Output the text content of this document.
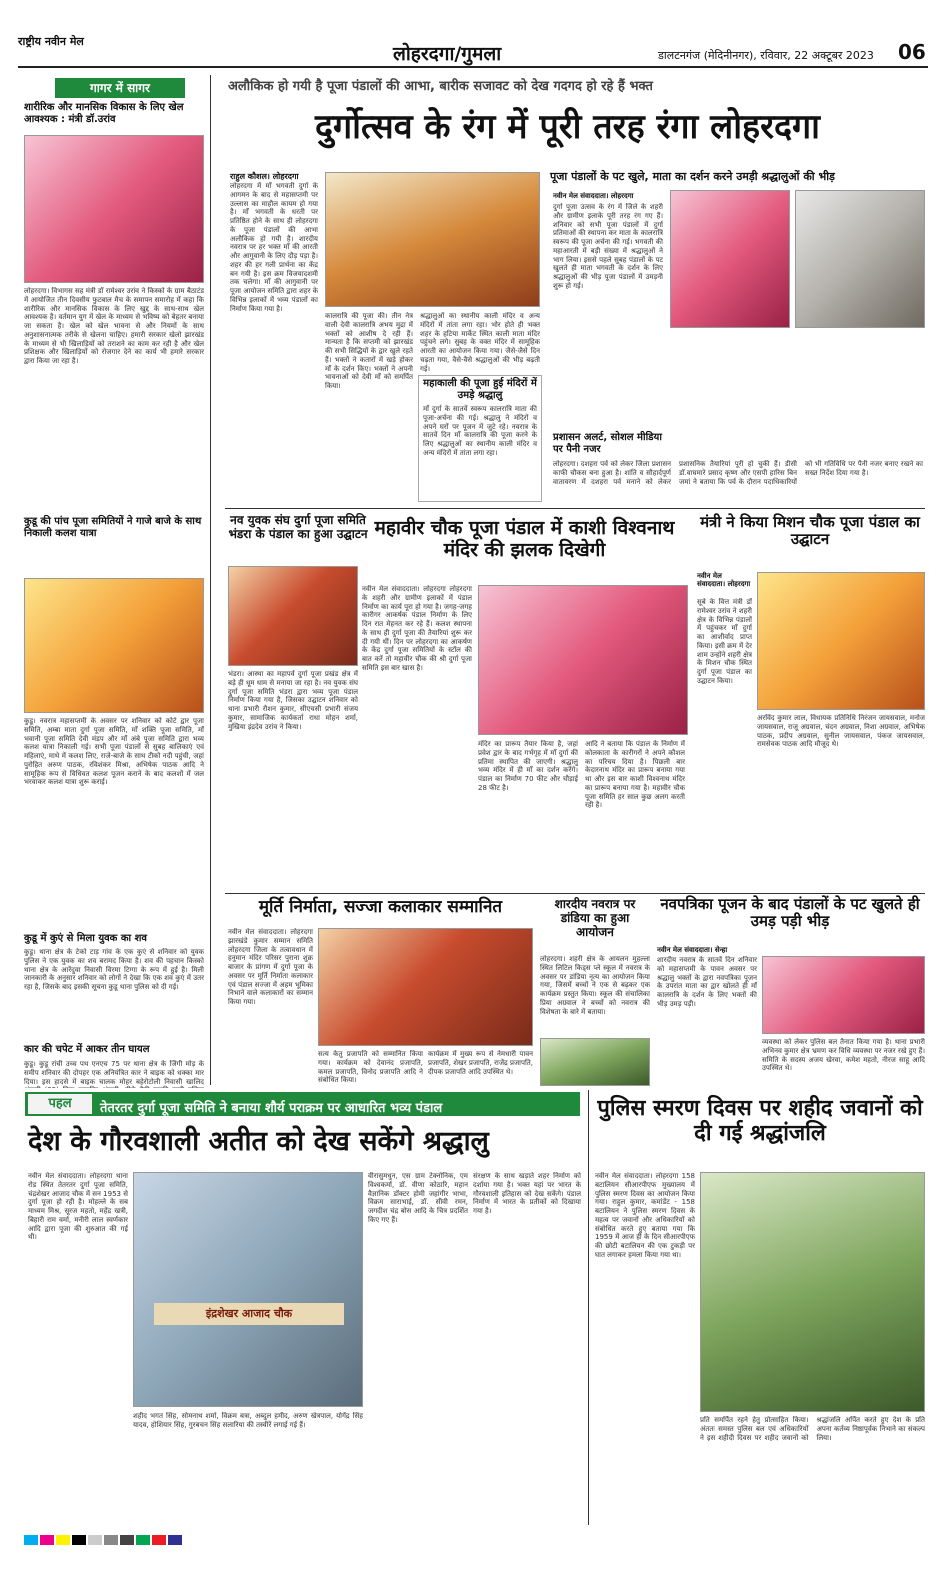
राष्ट्रीय नवीन मेल
लोहरदगा/गुमला	डालटनगंज (मेदिनीनगर), रविवार, 22 अक्टूबर 2023 06
गागर में सागर
शारीरिक और मानसिक विकास के लिए खेल आवश्यक : मंत्री डॉ.उरांव
लोहरदगा। विभागस सह मंत्री डॉ रामेश्वर उरांव ने किस्को के ग्राम बैठाटंड में आयोजित तीन दिवसीय फुटबाल मैच के समापन समारोह में कहा कि शारीरिक और मानसिक विकास के लिए खुद्द के साथ-साथ खेल आवश्यक है। वर्तमान युग में खेल के माध्यम से भविष्य को बेहतर बनाया जा सकता है। खेल को खेल भावना से और नियमों के साथ अनुशासनात्मक तरीके से खेलना चाहिए। हमारी सरकार खेलो झारखंड के माध्यम से भी खिलाड़ियों को तराशने का काम कर रही है और खेल प्रशिक्षक और खिलाड़ियों को रोजगार देने का कार्य भी हमारे सरकार द्वारा किया जा रहा है।
कुडू की पांच पूजा समितियों ने गाजे बाजे के साथ निकाली कलश यात्रा
कुडू। नवरात्र महासप्तमी के अवसर पर शनिवार को कोर्ट द्वार पूजा समिति, अम्बा माता दुर्गा पूजा समिति, माँ शक्ति पूजा समिति, माँ भवानी पूजा समिति देवी मंडप और माँ अंबे पूजा समिति द्वारा भव्य कलश यात्रा निकाली गई। सभी पूजा पंडालों से सुबह बालिकाएं एवं महिलाएं, माथे में कलश लिए, राजे-बाजे के साथ टीको नदी पहुंची, जहां पुरोहित अरुण पाठक, रविशंकर मिश्रा, अभिषेक पाठक आदि ने सामूहिक रूप से विधिवत कलश पूजन कराने के बाद कलशों में जल भरवाकर कलश यात्रा शुरू कराई।
कुडू में कुएं से मिला युवक का शव
कुडू। थाना क्षेत्र के टेको टाड़ गांव के एक कुएं से शनिवार को युवक पुलिस ने एक युवक का शव बरामद किया है। शव की पहचान किस्को थाना क्षेत्र के आरेंदुवा निवासी विरमा टिग्गा के रूप में हुई है। मिली जानकारी के अनुसार शनिवार को लोगों ने देखा कि एक शव कुएं में उतर रहा है, जिसके बाद इसकी सूचना कुडू थाना पुलिस को दी गई।
कार की चपेट में आकर तीन घायल
कुडू। कुडू रांची उच्च पथ एनएच 75 पर थाना क्षेत्र के जिंगी मोड़ के समीप शनिवार की दोपहर एक अनियंत्रित कार ने बाइक को धक्का मार दिया। इस हादसे में बाइक चालक मोहर बहेरोटोली निवासी खालिद
अलौकिक हो गयी है पूजा पंडालों की आभा, बारीक सजावट को देख गदगद हो रहे हैं भक्त
दुर्गोत्सव के रंग में पूरी तरह रंगा लोहरदगा
राहुल कौशल। लोहरदगा
लोहरदगा में माँ भगवती दुर्गा के आगमन के बाद से महासप्तमी पर उल्लास का माहौल कायम हो गया है। माँ भगवती के धरती पर प्रतिष्ठित होने के साथ ही लोहरदगा के पूजा पंडालों की आभा अलौकिक हो गयी है। शारदीय नवरात्र पर हर भक्त माँ की आरती और आगुवानी के लिए दौड़ पड़ा है। शहर की हर गली प्रार्थना का केंद्र बन गयी है। इस क्रम विजयादशमी तक चलेगा। माँ की आगुवानी पर पूजा आयोजन समिति द्वारा शहर के विभिन्न इलाकों में भव्य पंडालों का निर्माण किया गया है।
कालरात्रि की पूजा की। तीन नेत्र वाली देवी कालरात्रि अभय मुद्रा में भक्तों को आशीष दे रही हैं। मान्यता है कि सप्तमी को झारखंड की सभी सिद्धियों के द्वार खुले रहते हैं। भक्तों ने कतारों में खड़े होकर माँ के दर्शन किए। भक्तों ने अपनी भावनाओं को देवी माँ को समर्पित किया।	महाकाली की पूजा हुई मंदिरों में उमड़े श्रद्धालु
माँ दुर्गा के सातवें स्वरूप कालरात्रि माता की पूजा-अर्चना की गई। श्रद्धालु ने मंदिरों व अपने घरों पर पूजन में जुटे रहे। नवरात्र के सातवें दिन माँ कालरात्रि की पूजा करने के लिए श्रद्धालुओं का स्थानीय काली मंदिर व अन्य मंदिरों में तांता लगा रहा।
श्रद्धालुओं का स्थानीय काली मंदिर व अन्य मंदिरों में तांता लगा रहा। भोर होते ही भक्त शहर के हटिया मार्केट स्थित काली माता मंदिर पहुंचने लगे। सुबह के वक्त मंदिर में सामूहिक आरती का आयोजन किया गया। जैसे-जैसे दिन चढ़ता गया, वैसे-वैसे श्रद्धालुओं की भीड़ बढ़ती गई।
पूजा पंडालों के पट खुले, माता का दर्शन करने उमड़ी श्रद्धालुओं की भीड़
नवीन मेल संवाददाता। लोहरदगा
दुर्गा पूजा उत्सव के रंग में जिले के शहरी और ग्रामीण इलाके पूरी तरह रंग गए हैं। शनिवार को सभी पूजा पंडालों में दुर्गा प्रतिमाओं की स्थापना कर माता के कालरात्रि स्वरूप की पूजा अर्चना की गई। भगवती की महाआरती में बड़ी संख्या में श्रद्धालुओं ने भाग लिया। इससे पहले सुबह पंडालों के पट खुलते ही माता भगवती के दर्शन के लिए श्रद्धालुओं की भीड़ पूजा पंडालों में उमड़नी शुरू हो गई।
प्रशासन अलर्ट, सोशल मीडिया पर पैनी नजर
लोहरदगा। दशहरा पर्व को लेकर जिला प्रशासन काफी चौकस बना हुआ है। शांति व सौहार्दपूर्ण वातावरण में दशहरा पर्व मनाने को लेकर प्रशासनिक तैयारियां पूरी हो चुकी हैं। डीसी डॉ.वाघमारे प्रसाद कृष्ण और एसपी हारिस बिन जमां ने बताया कि पर्व के दौरान पदाधिकारियों को भी गतिविधि पर पैनी नजर बनाए रखने का सख्त निर्देश दिया गया है।
नव युवक संघ दुर्गा पूजा समिति भंडरा के पंडाल का हुआ उद्घाटन
भंडरा। आस्था का महापर्व दुर्गा पूजा प्रखंड क्षेत्र में बड़े ही धूम धाम से मनाया जा रहा है। नव युवक संघ दुर्गा पूजा समिति भंडरा द्वारा भव्य पूजा पंडाल निर्माण किया गया है, जिसका उद्घाटन शनिवार को थाना प्रभारी रौशन कुमार, सीएचसी प्रभारी संजय कुमार, सामाजिक कार्यकर्ता राधा मोहन शर्मा, मुखिया इंद्रदेव उरांव ने किया।
महावीर चौक पूजा पंडाल में काशी विश्वनाथ मंदिर की झलक दिखेगी
नवीन मेल संवाददाता। लोहरदगा लोहरदगा के शहरी और ग्रामीण इलाकों में पंडाल निर्माण का कार्य पूरा हो गया है। जगह-जगह कारीगर आकर्षक पंडाल निर्माण के लिए दिन रात मेहनत कर रहे हैं। कलश स्थापना के साथ ही दुर्गा पूजा की तैयारियां शुरू कर दी गयी थीं। दिन पर लोहरदगा का आकर्षण के केंद्र दुर्गा पूजा समितियों के स्टॉल की बात करें तो महावीर चौक की श्री दुर्गा पूजा समिति इस बार खास है।
मंदिर का प्रारूप तैयार किया है, जहां प्रवेश द्वार के बाद गर्भगृह में माँ दुर्गा की प्रतिमा स्थापित की जाएगी। श्रद्धालु भव्य मंदिर में ही माँ का दर्शन करेंगे। पंडाल का निर्माण 70 फीट और चौड़ाई 28 फीट है।
आदि ने बताया कि पंडाल के निर्माण में कोलकाता के कारीगरों ने अपने कौशल का परिचय दिया है। पिछली बार केदारनाथ मंदिर का प्रारूप बनाया गया था और इस बार काशी विश्वनाथ मंदिर का प्रारूप बनाया गया है। महावीर चौक पूजा समिति हर साल कुछ अलग करती रही है।
मंत्री ने किया मिशन चौक पूजा पंडाल का उद्घाटन
नवीन मेल संवाददाता। लोहरदगा
सूबे के वित्त मंत्री डॉ रामेश्वर उरांव ने शहरी क्षेत्र के विभिन्न पंडालों में पहुंचकर माँ दुर्गा का आशीर्वाद प्राप्त किया। इसी क्रम में देर शाम उन्होंने शहरी क्षेत्र के मिशन चौक स्थित दुर्गा पूजा पंडाल का उद्घाटन किया।
अरविंद कुमार लाल, विधायक प्रतिनिधि निरंजन जायसवाल, मनोज जायसवाल, राजू अग्रवाल, चंदन अग्रवाल, निशा अग्रवाल, अभिषेक पाठक, प्रदीप अग्रवाल, सुनील जायसवाल, पंकज जायसवाल, रामसेवक पाठक आदि मौजूद थे।
मूर्ति निर्माता, सज्जा कलाकार सम्मानित
नवीन मेल संवाददाता। लोहरदगा झारखंडे कुमार सम्मान समिति लोहरदगा जिला के तत्वावधान में हनुमान मंदिर परिसर पुराना शुक्र बाजार के प्रांगण में दुर्गा पूजा के अवसर पर मूर्ति निर्माता कलाकार एवं पंडाल सज्जा में अहम भूमिका निभाने वाले कलाकारों का सम्मान किया गया।
सत्य केतु प्रजापति को सम्मानित किया गया। कार्यक्रम को देवानंद प्रजापति, कमल प्रजापति, विनोद प्रजापति आदि ने संबोधित किया।
कार्यक्रम में मुख्य रूप से नेमधारी पावन प्रजापति, शेखर प्रजापति, राजेंद्र प्रजापति, दीपक प्रजापति आदि उपस्थित थे।
शारदीय नवरात्र पर डांडिया का हुआ आयोजन
लोहरदगा। शहरी क्षेत्र के आयलन मुहल्ला स्थित लिटिल किड्स प्ले स्कूल में नवरात्र के अवसर पर डांडिया नृत्य का आयोजन किया गया, जिसमें बच्चों ने एक से बढ़कर एक कार्यक्रम प्रस्तुत किया। स्कूल की संचालिका प्रिया अग्रवाल ने बच्चों को नवरात्र की विशेषता के बारे में बताया।
नवपत्रिका पूजन के बाद पंडालों के पट खुलते ही उमड़ पड़ी भीड़
नवीन मेल संवाददाता। सेन्हा
शारदीय नवरात्र के सातवें दिन शनिवार को महासप्तमी के पावन अवसर पर श्रद्धालु भक्तों के द्वारा नवपत्रिका पूजन के उपरांत माता का द्वार खोलते ही माँ कालरात्रि के दर्शन के लिए भक्तों की भीड़ उमड़ पड़ी।
व्यवस्था को लेकर पुलिस बल तैनात किया गया है। थाना प्रभारी अभिनव कुमार क्षेत्र भ्रमण कर विधि व्यवस्था पर नजर रखे हुए हैं। समिति के सदस्य अजय खेरवा, कमेश महतो, नीरज साहू आदि उपस्थित थे।
पहल	तेतरतर दुर्गा पूजा समिति ने बनाया शौर्य पराक्रम पर आधारित भव्य पंडाल
देश के गौरवशाली अतीत को देख सकेंगे श्रद्धालु
नवीन मेल संवाददाता। लोहरदगा थाना रोड स्थित तेतरतर दुर्गा पूजा समिति, चंद्रशेखर आजाद चौक में सन 1953 से दुर्गा पूजा हो रही है। मोहल्ले के सब माध्यम मिश्र, सूरज महतो, महेंद्र खत्री, बिहारी राम वर्मा, मनीरी लाल स्वर्णकार आदि द्वारा पूजा की शुरुआत की गई थी।
इंद्रशेखर आजाद चौक
शहीद भगत सिंह, सोमनाथ शर्मा, विक्रम बत्रा, अब्दुल हमीद, अरुण खेत्रपाल, योगेंद्र सिंह यादव, होशियार सिंह, गुरबचन सिंह सलारिया की तस्वीरें लगाई गई हैं।
वीरासुमधुन, एस ग्राम टेक्नोनिक, एम विश्वकर्मा, डॉ. वीणा कोठारि, महान वैज्ञानिक डॉक्टर होमी जहांगीर भाभा, विक्रम साराभाई, डॉ. सीवी रमन, जगदीश चंद्र बोस आदि के चित्र प्रदर्शित किए गए हैं।
संरक्षण के साथ खड़ाते शहर निर्माण को दर्शाया गया है। भक्त यहां पर भारत के गौरवशाली इतिहास को देख सकेंगे। पंडाल निर्माण में भारत के प्रतीकों को दिखाया गया है।
पुलिस स्मरण दिवस पर शहीद जवानों को दी गई श्रद्धांजलि
नवीन मेल संवाददाता। लोहरदगा 158 बटालियन सीआरपीएफ मुख्यालय में पुलिस स्मरण दिवस का आयोजन किया गया। राहुल कुमार, कमांडेंट - 158 बटालियन ने पुलिस स्मरण दिवस के महत्व पर जवानों और अधिकारियों को संबोधित करते हुए बताया गया कि 1959 में आज ही के दिन सीआरपीएफ की छोटी बटालियन की एक टुकड़ी पर घात लगाकर हमला किया गया था।
प्रति समर्पित रहने हेतु प्रोत्साहित किया। अंततः समस्त पुलिस बल एवं अधिकारियों ने इस शहीदी दिवस पर शहीद जवानों को श्रद्धांजलि अर्पित करते हुए देश के प्रति अपना कर्तव्य निष्ठापूर्वक निभाने का संकल्प लिया।
